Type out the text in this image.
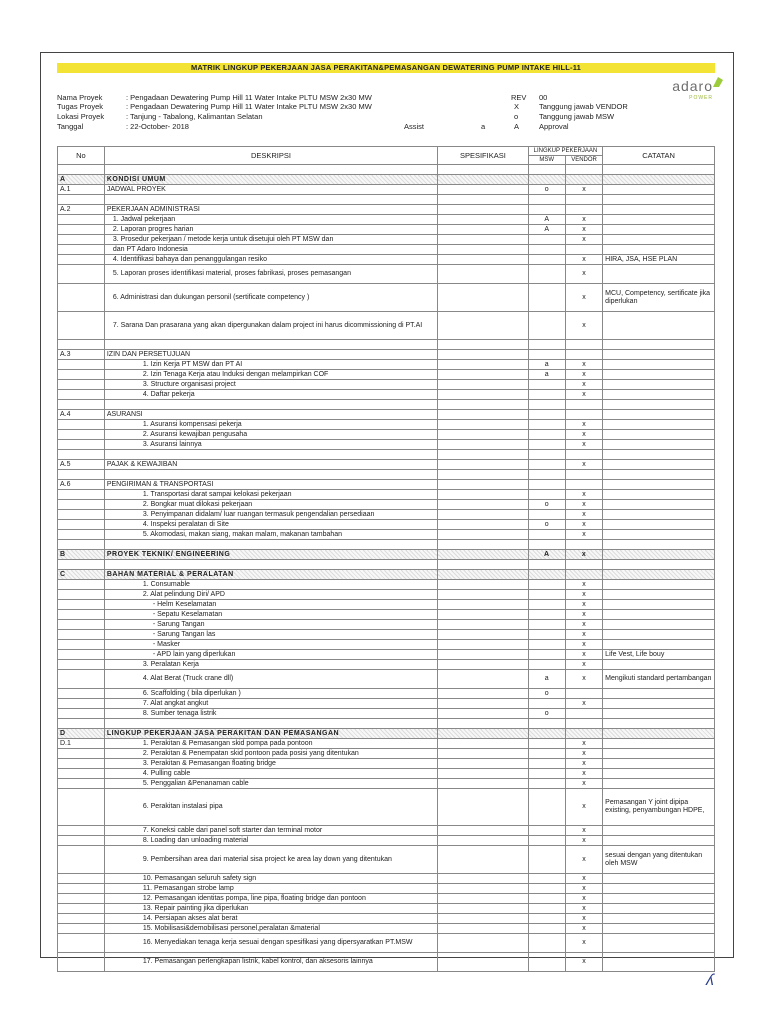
MATRIK LINGKUP PEKERJAAN JASA PERAKITAN&PEMASANGAN DEWATERING PUMP INTAKE HILL-11
adaro
POWER
Nama Proyek	: Pengadaan Dewatering Pump Hill 11 Water Intake PLTU MSW 2x30 MW
Tugas Proyek	: Pengadaan Dewatering Pump Hill 11 Water Intake PLTU MSW 2x30 MW
Lokasi Proyek	: Tanjung - Tabalong, Kalimantan Selatan
Tanggal	: 22-October- 2018	Assist	a
REV 00
X	Tanggung jawab VENDOR
o	Tanggung jawab MSW
A	Approval
No	DESKRIPSI	SPESIFIKASI	LINGKUP PEKERJAAN		CATATAN
			MSW	VENDOR	

A	KONDISI UMUM				
A.1	JADWAL PROYEK		o	x	

A.2	PEKERJAAN ADMINISTRASI				
	1. Jadwal pekerjaan		A	x	
	2. Laporan progres harian		A	x	
	3. Prosedur pekerjaan / metode kerja untuk disetujui oleh PT MSW dan			x	
	dan PT Adaro Indonesia				
	4. Identifikasi bahaya dan penanggulangan resiko			x	HIRA, JSA, HSE PLAN
	5. Laporan proses identifikasi material, proses fabrikasi, proses pemasangan			x	
	6. Administrasi dan dukungan personil (sertificate competency )			x	MCU, Competency, sertificate jika diperlukan
	7. Sarana Dan prasarana yang akan dipergunakan dalam project ini harus dicommissioning di PT.AI			x	

A.3	IZIN DAN PERSETUJUAN				
	1. Izin Kerja PT MSW dan PT AI		a	x	
	2. Izin Tenaga Kerja atau Induksi dengan melampirkan COF		a	x	
	3. Structure organisasi project			x	
	4. Daftar pekerja			x	

A.4	ASURANSI				
	1. Asuransi kompensasi pekerja			x	
	2. Asuransi kewajiban pengusaha			x	
	3. Asuransi lainnya			x	

A.5	PAJAK & KEWAJIBAN			x	

A.6	PENGIRIMAN & TRANSPORTASI				
	1. Transportasi darat sampai kelokasi pekerjaan			x	
	2. Bongkar muat dilokasi pekerjaan		o	x	
	3. Penyimpanan didalam/ luar ruangan termasuk pengendalian persediaan			x	
	4. Inspeksi peralatan di Site		o	x	
	5. Akomodasi, makan siang, makan malam, makanan tambahan			x	

B	PROYEK TEKNIK/ ENGINEERING		A	x	

C	BAHAN MATERIAL & PERALATAN				
	1. Consumable			x	
	2. Alat pelindung Diri/ APD			x	
	- Helm Keselamatan			x	
	- Sepatu Keselamatan			x	
	- Sarung Tangan			x	
	- Sarung Tangan las			x	
	- Masker			x	
	- APD lain yang diperlukan			x	Life Vest, Life bouy
	3. Peralatan Kerja			x	
	4. Alat Berat (Truck crane dll)		a	x	Mengikuti standard pertambangan
	6. Scaffolding ( bila diperlukan )		o		
	7. Alat angkat angkut			x	
	8. Sumber tenaga listrik		o		

D	LINGKUP PEKERJAAN JASA PERAKITAN DAN PEMASANGAN				
D.1	1. Perakitan & Pemasangan skid pompa pada pontoon			x	
	2. Perakitan & Penempatan skid pontoon pada posisi yang ditentukan			x	
	3. Perakitan & Pemasangan floating bridge			x	
	4. Pulling cable			x	
	5. Penggalian &Penanaman cable			x	
	6. Perakitan instalasi pipa			x	Pemasangan Y joint dipipa existing, penyambungan HDPE,
	7. Koneksi cable dari panel soft starter dan terminal motor			x	
	8. Loading dan unloading material			x	
	9. Pembersihan area dari material sisa project ke area lay down yang ditentukan			x	sesuai dengan yang ditentukan oleh MSW
	10. Pemasangan seluruh safety sign			x	
	11. Pemasangan strobe lamp			x	
	12. Pemasangan identitas pompa, line pipa, floating bridge dan pontoon			x	
	13. Repair painting jika diperlukan			x	
	14. Persiapan akses alat berat			x	
	15. Mobilisasi&demobilisasi personel,peralatan &material			x	
	16. Menyediakan tenaga kerja sesuai dengan spesifikasi yang dipersyaratkan PT.MSW			x	
	17. Pemasangan perlengkapan listrik, kabel kontrol, dan aksesoris lainnya			x	
ʎ
